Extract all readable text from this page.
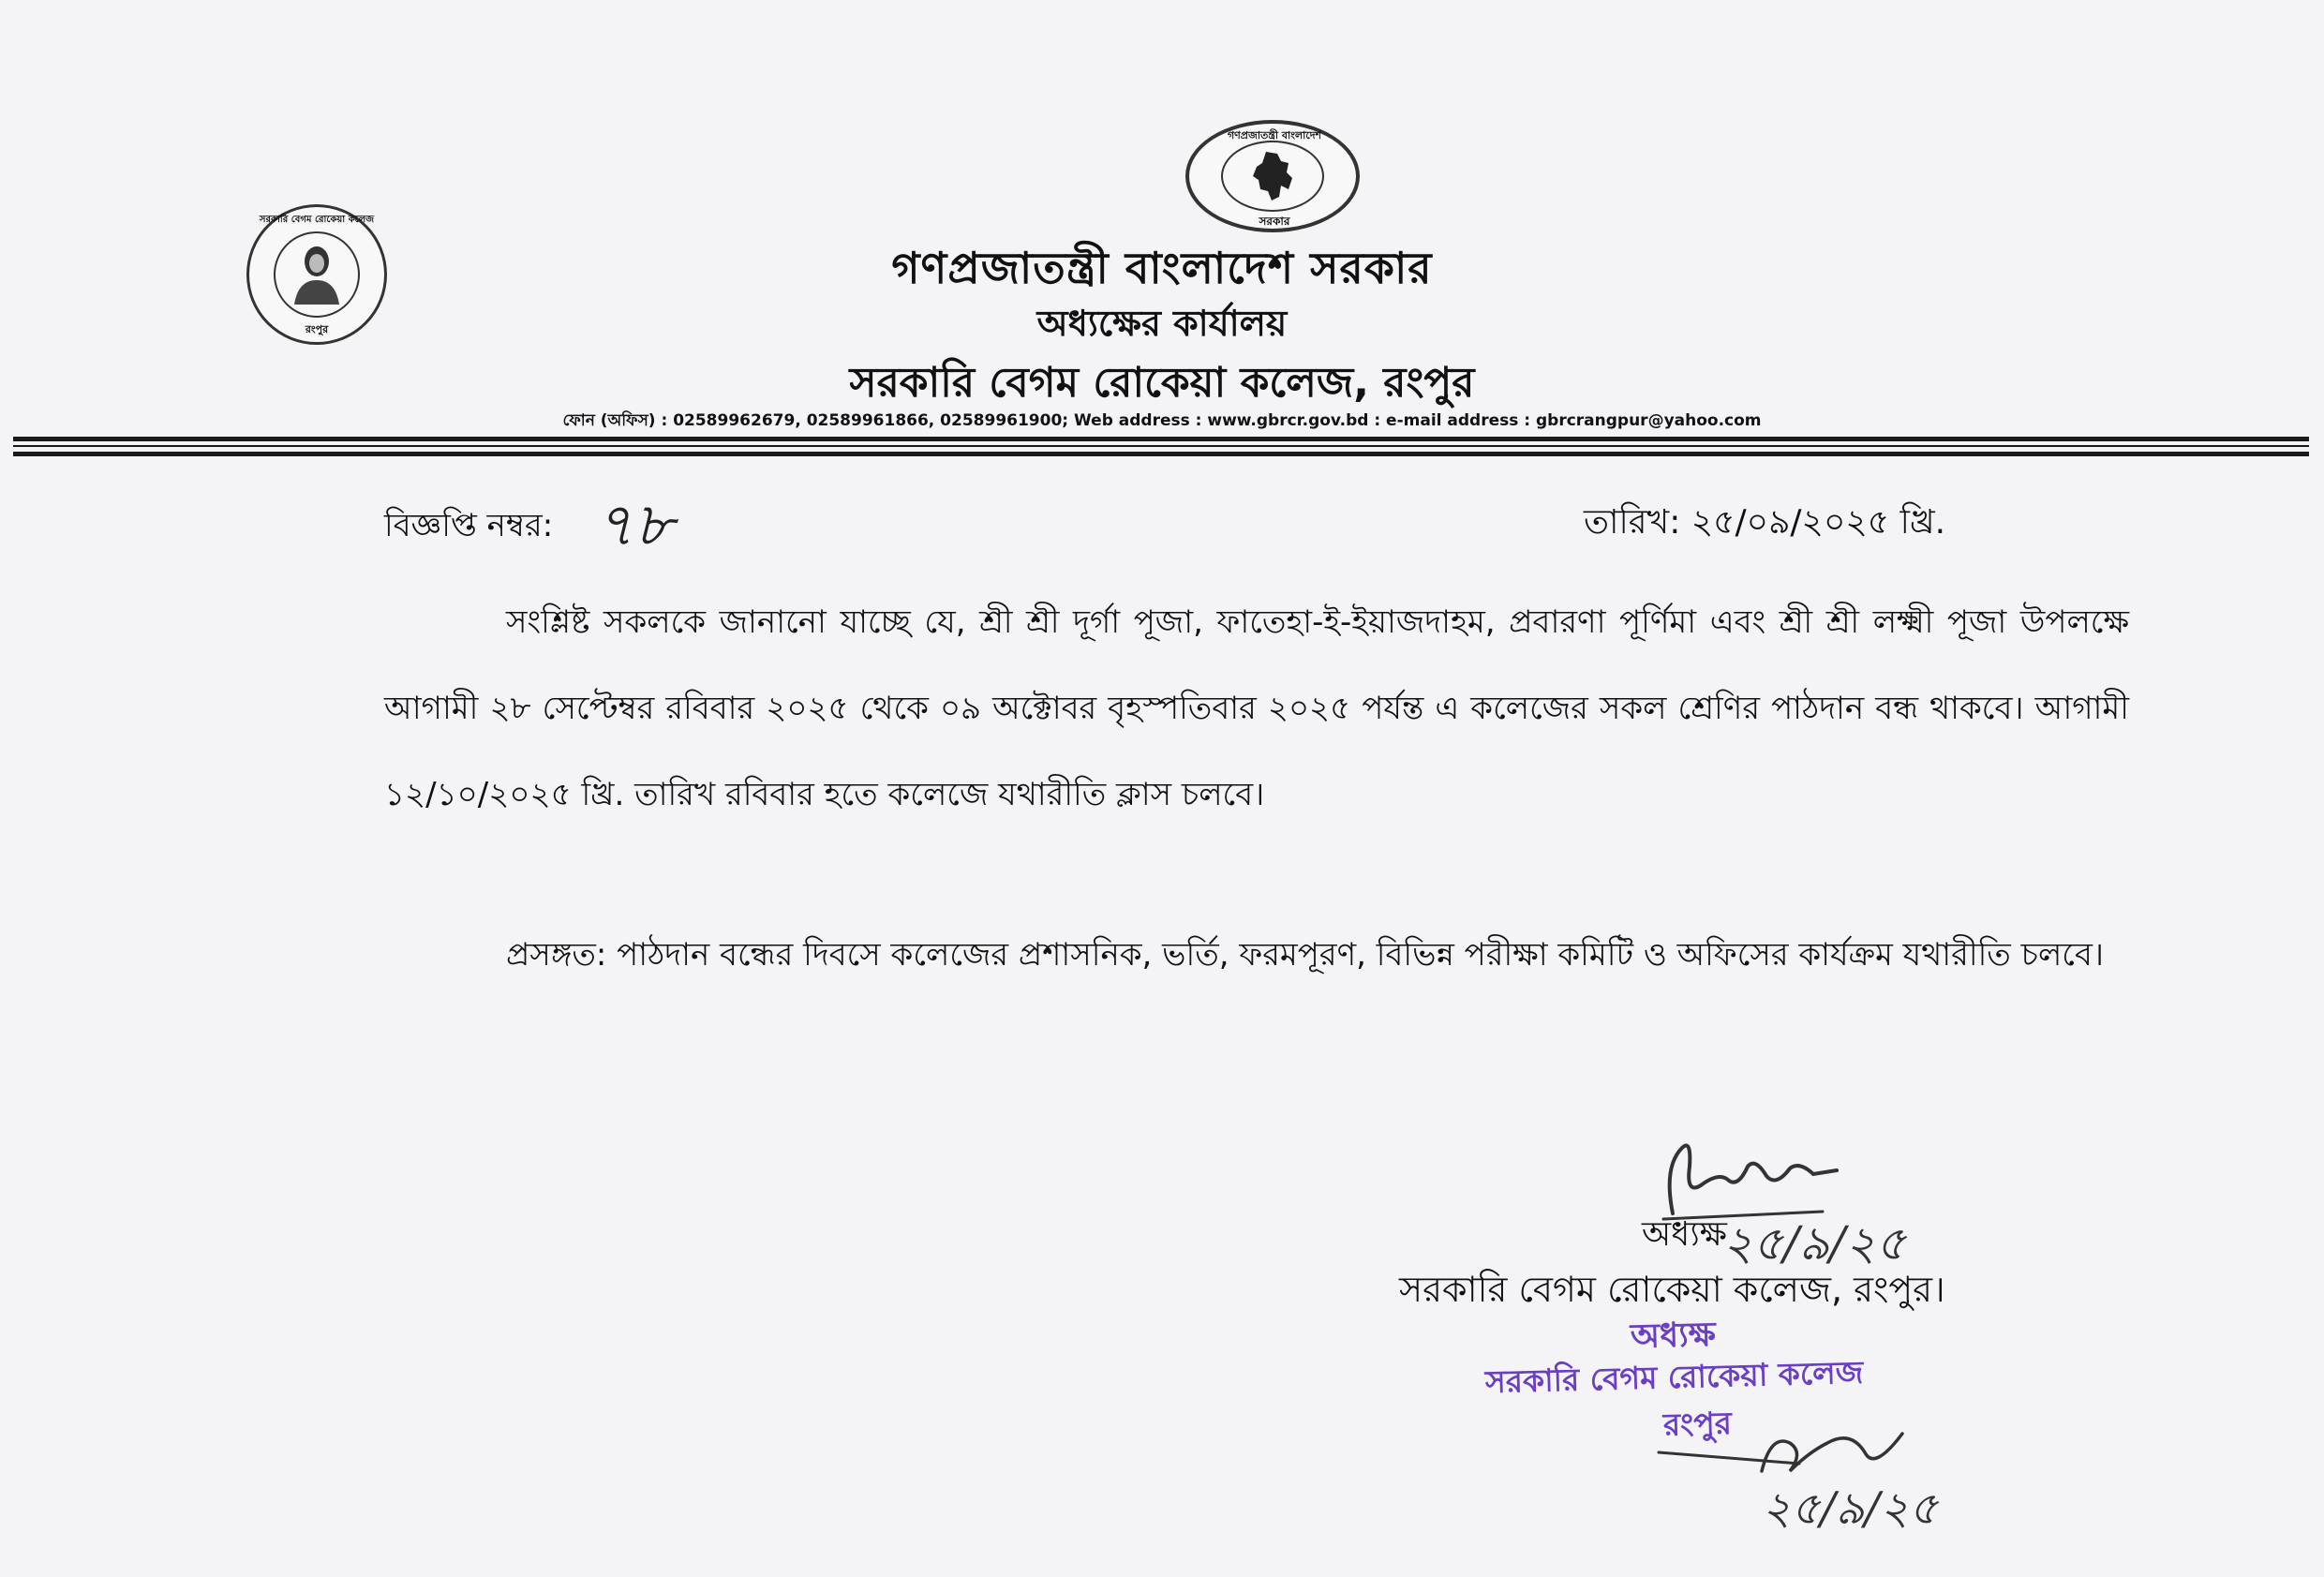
গণপ্রজাতন্ত্রী বাংলাদেশ
সরকার
সরকারি বেগম রোকেয়া কলেজ
রংপুর
গণপ্রজাতন্ত্রী বাংলাদেশ সরকার
অধ্যক্ষের কার্যালয়
সরকারি বেগম রোকেয়া কলেজ, রংপুর
ফোন (অফিস) : 02589962679, 02589961866, 02589961900; Web address : www.gbrcr.gov.bd : e-mail address : gbrcrangpur@yahoo.com
বিজ্ঞপ্তি নম্বর: ৭৮	তারিখ: ২৫/০৯/২০২৫ খ্রি.
সংশ্লিষ্ট সকলকে জানানো যাচ্ছে যে, শ্রী শ্রী দূর্গা পূজা, ফাতেহা-ই-ইয়াজদাহম, প্রবারণা পূর্ণিমা এবং শ্রী শ্রী লক্ষ্মী পূজা উপলক্ষে আগামী ২৮ সেপ্টেম্বর রবিবার ২০২৫ থেকে ০৯ অক্টোবর বৃহস্পতিবার ২০২৫ পর্যন্ত এ কলেজের সকল শ্রেণির পাঠদান বন্ধ থাকবে। আগামী ১২/১০/২০২৫ খ্রি. তারিখ রবিবার হতে কলেজে যথারীতি ক্লাস চলবে।
প্রসঙ্গত: পাঠদান বন্ধের দিবসে কলেজের প্রশাসনিক, ভর্তি, ফরমপূরণ, বিভিন্ন পরীক্ষা কমিটি ও অফিসের কার্যক্রম যথারীতি চলবে।
অধ্যক্ষ
২৫/৯/২৫
সরকারি বেগম রোকেয়া কলেজ, রংপুর।
অধ্যক্ষ
সরকারি বেগম রোকেয়া কলেজ
রংপুর
২৫/৯/২৫
